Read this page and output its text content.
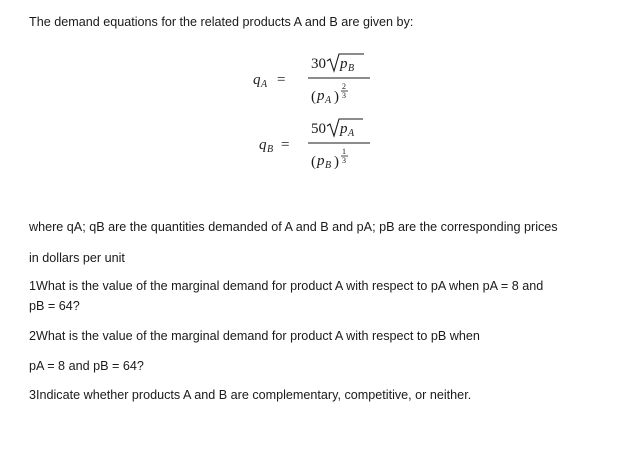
The demand equations for the related products A and B are given by:
q A =
30 p B
( p A )
2
3
q B =
50 p A
( p B )
1
3
where qA; qB are the quantities demanded of A and B and pA; pB are the corresponding prices
in dollars per unit
1What is the value of the marginal demand for product A with respect to pA when pA = 8 and
pB = 64?
2What is the value of the marginal demand for product A with respect to pB when
pA = 8 and pB = 64?
3Indicate whether products A and B are complementary, competitive, or neither.
